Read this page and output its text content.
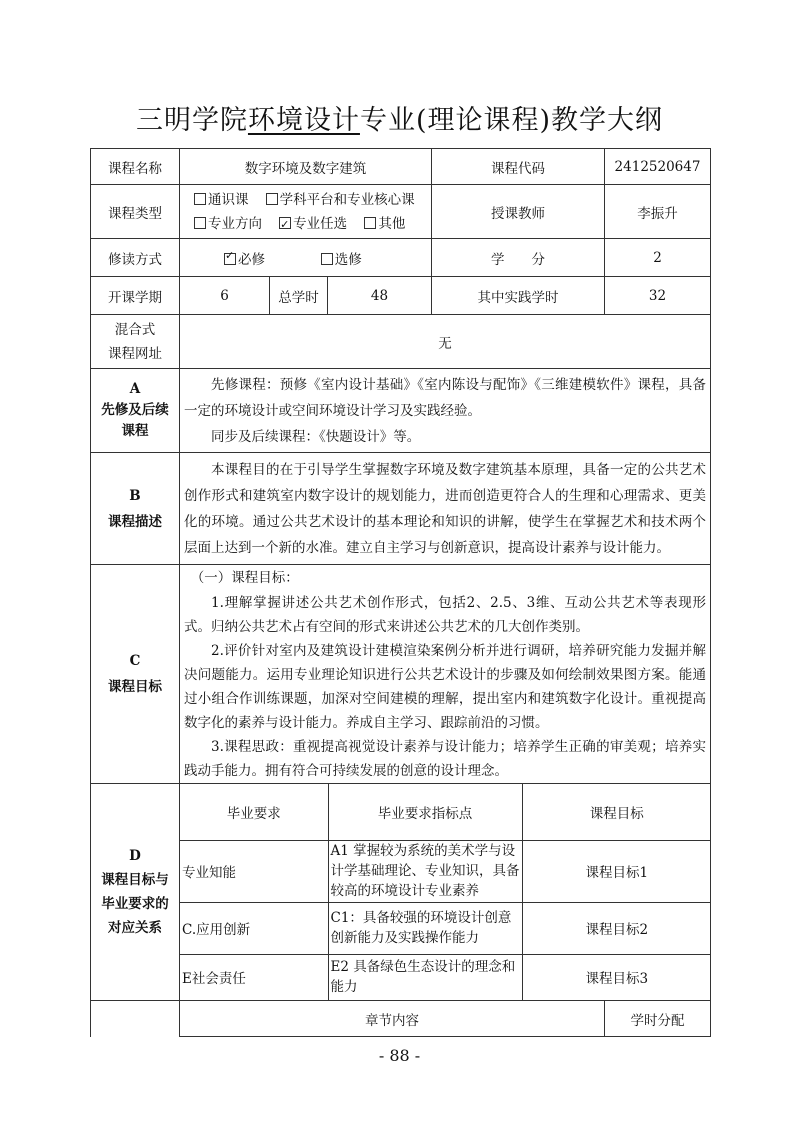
三明学院环境设计专业(理论课程)教学大纲
课程名称	数字环境及数字建筑	课程代码	2412520647
课程类型	通识课 学科平台和专业核心课
专业方向    ✓ 专业任选 其他	授课教师	李振升
修读方式	✓必修	选修	学　　分	2
开课学期	6	总学时	48	其中实践学时	32
混合式
课程网址	无
A
先修及后续
课程	

先修课程：预修《室内设计基础》《室内陈设与配饰》《三维建模软件》课程，具备一定的环境设计或空间环境设计学习及实践经验。

同步及后续课程：《快题设计》等。

B
课程描述	

本课程目的在于引导学生掌握数字环境及数字建筑基本原理，具备一定的公共艺术创作形式和建筑室内数字设计的规划能力，进而创造更符合人的生理和心理需求、更美化的环境。通过公共艺术设计的基本理论和知识的讲解，使学生在掌握艺术和技术两个层面上达到一个新的水准。建立自主学习与创新意识，提高设计素养与设计能力。

C
课程目标	

（一）课程目标：

1.理解掌握讲述公共艺术创作形式，包括2、2.5、3维、互动公共艺术等表现形式。归纳公共艺术占有空间的形式来讲述公共艺术的几大创作类别。

2.评价针对室内及建筑设计建模渲染案例分析并进行调研，培养研究能力发掘并解决问题能力。运用专业理论知识进行公共艺术设计的步骤及如何绘制效果图方案。能通过小组合作训练课题，加深对空间建模的理解，提出室内和建筑数字化设计。重视提高数字化的素养与设计能力。养成自主学习、跟踪前沿的习惯。

3.课程思政：重视提高视觉设计素养与设计能力；培养学生正确的审美观；培养实践动手能力。拥有符合可持续发展的创意的设计理念。

D
课程目标与
毕业要求的
对应关系	
毕业要求	毕业要求指标点	课程目标
专业知能	A1 掌握较为系统的美术学与设计学基础理论、专业知识，具备较高的环境设计专业素养	课程目标1
C.应用创新	C1：具备较强的环境设计创意创新能力及实践操作能力	课程目标2
E社会责任	E2 具备绿色生态设计的理念和能力	课程目标3

	章节内容	学时分配
- 88 -
